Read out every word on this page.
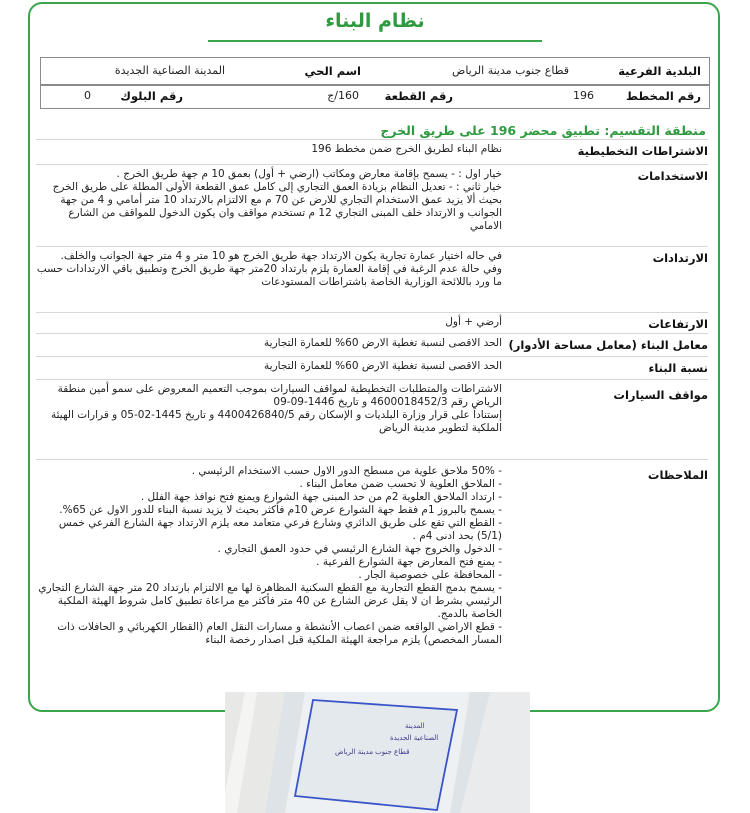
نظام البناء
البلدية الفرعية
قطاع جنوب مدينة الرياض
اسم الحي
المدينة الصناعية الجديدة
رقم المخطط
196
رقم القطعة
160/ج
رقم البلوك
0
منطقة التقسيم: تطبيق محضر 196 على طريق الخرج
الاشتراطات التخطيطية

نظام البناء لطريق الخرج ضمن مخطط 196

الاستخدامات

خيار اول : - يسمح بإقامة معارض ومكاتب (ارضي + أول) بعمق 10 م جهة طريق الخرج .

خيار ثاني : - تعديل النظام بزيادة العمق التجاري إلى كامل عمق القطعة الأولى المطلة على طريق الخرج بحيث ألا يزيد عمق الاستخدام التجاري للارض عن 70 م مع الالتزام بالارتداد 10 متر أمامي و 4 من جهة الجوانب و الارتداد خلف المبنى التجاري 12 م تستخدم مواقف وان يكون الدخول للمواقف من الشارع الامامي

الارتدادات

في حاله اختيار عمارة تجارية يكون الارتداد جهة طريق الخرج هو 10 متر و 4 متر جهة الجوانب والخلف.

وفي حالة عدم الرغبة في إقامة العمارة يلزم بارتداد 20متر جهة طريق الخرج وتطبيق باقي الارتدادات حسب ما ورد باللائحة الوزارية الخاصة باشتراطات المستودعات

الارتفاعات

أرضي + أول

معامل البناء (معامل مساحة الأدوار)

الحد الاقصى لنسبة تغطية الارض 60% للعمارة التجارية

نسبة البناء

الحد الاقصى لنسبة تغطية الارض 60% للعمارة التجارية

مواقف السيارات

الاشتراطات والمتطلبات التخطيطية لمواقف السيارات بموجب التعميم المعروض على سمو أمين منطقة الرياض رقم 4600018452/3 و تاريخ 1446-09-09

إستناداً على قرار وزارة البلديات و الإسكان رقم 4400426840/5 و تاريخ 1445-02-05 و قرارات الهيئة الملكية لتطوير مدينة الرياض

الملاحظات

- 50% ملاحق علوية من مسطح الدور الاول حسب الاستخدام الرئيسي .

- الملاحق العلوية لا تحسب ضمن معامل البناء .

- ارتداد الملاحق العلوية 2م من حد المبنى جهة الشوارع ويمنع فتح نوافذ جهة الفلل .

- يسمح بالبروز 1م فقط جهة الشوارع عرض 10م فأكثر بحيث لا يزيد نسبة البناء للدور الاول عن 65%.

- القطع التي تقع على طريق الدائري وشارع فرعي متعامد معه يلزم الارتداد جهة الشارع الفرعي خمس (5/1) بحد ادنى 4م .

- الدخول والخروج جهة الشارع الرئيسي في حدود العمق التجاري .

- يمنع فتح المعارض جهة الشوارع الفرعية .

- المحافظة على خصوصية الجار .

- يسمح بدمج القطع التجارية مع القطع السكنية المظاهرة لها مع الالتزام بارتداد 20 متر جهة الشارع التجاري الرئيسي بشرط ان لا يقل عرض الشارع عن 40 متر فأكثر مع مراعاة تطبيق كامل شروط الهيئة الملكية الخاصة بالدمج.

- قطع الاراضي الواقعه ضمن اعصاب الأنشطة و مسارات النقل العام (القطار الكهربائي و الحافلات ذات المسار المخصص) يلزم مراجعة الهيئة الملكية قبل اصدار رخصة البناء

المدينة
الصناعية الجديدة
قطاع جنوب مدينة الرياض
